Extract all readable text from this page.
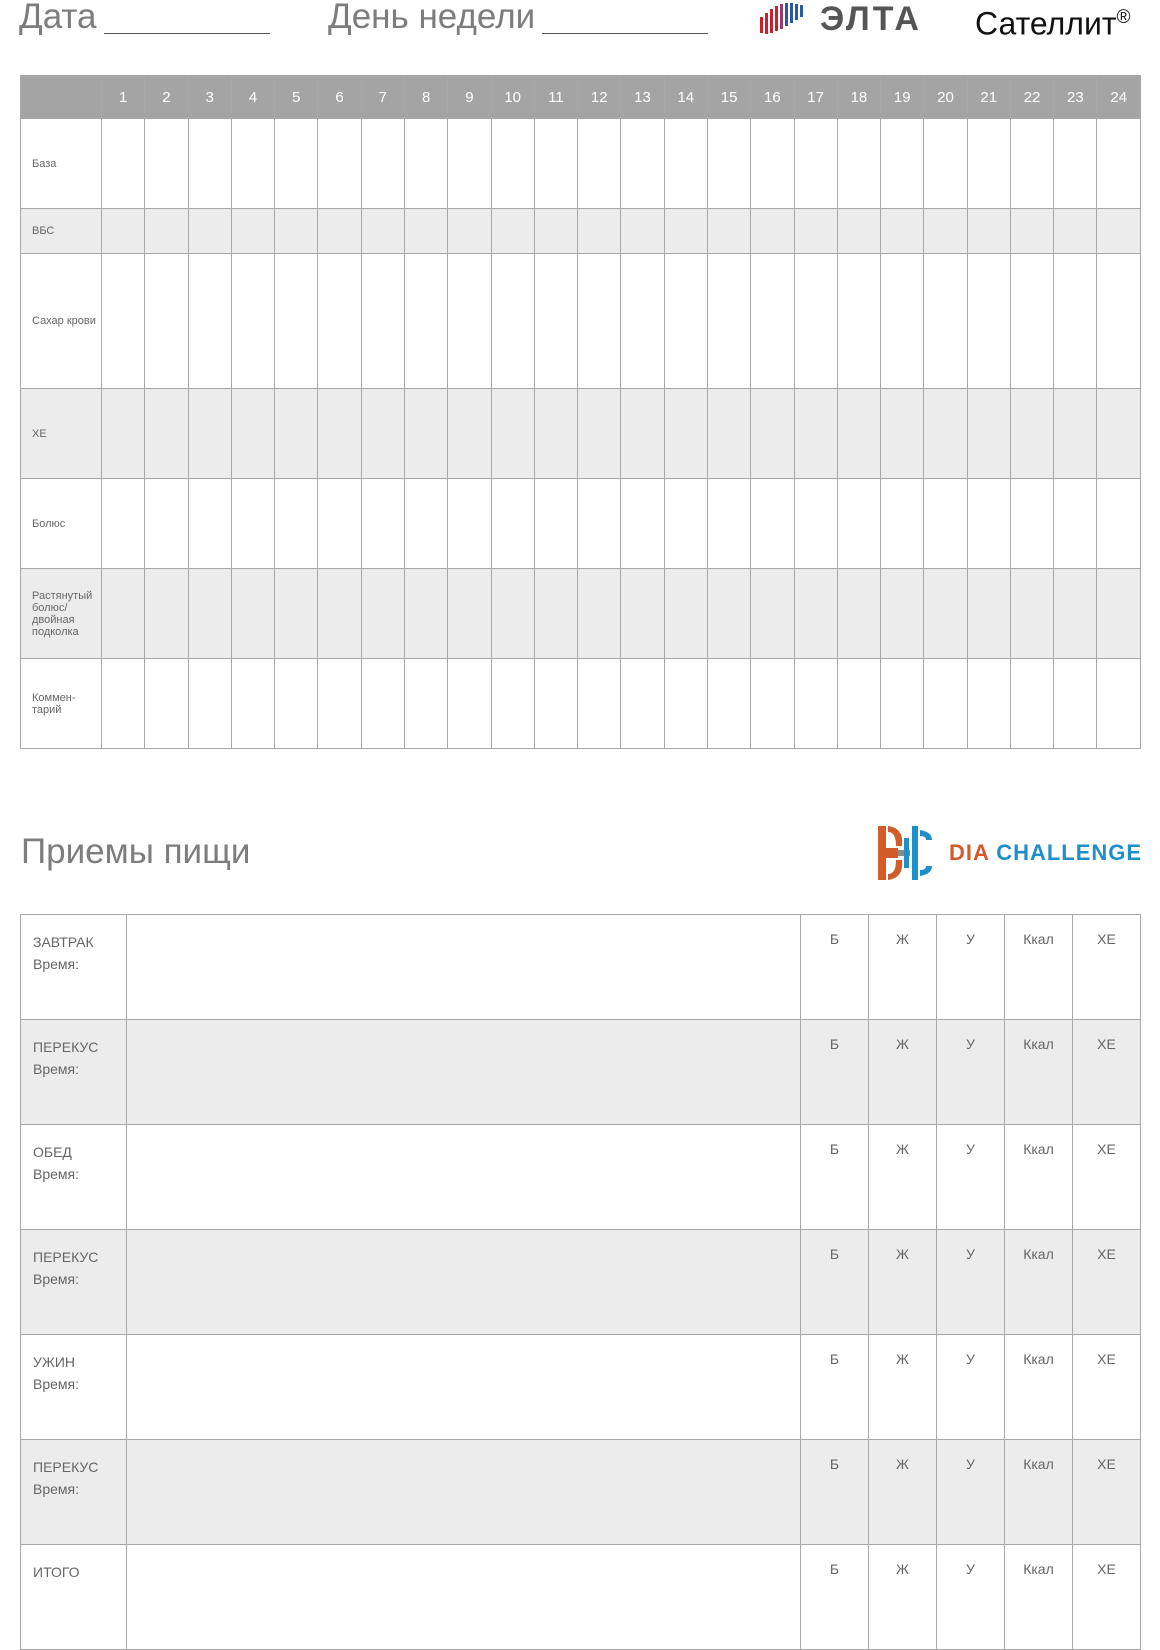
Дата	День недели	ЭЛТА Сателлит®
	1	2	3	4	5	6	7	8	9	10	11	12	13	14	15	16	17	18	19	20	21	22	23	24
База																								
ВБС																								
Сахар крови																								
ХЕ																								
Болюс																								
Растянутый болюс/ двойная подколка																								
Коммен-тарий																								
Приемы пищи	DIA CHALLENGE
ЗАВТРАК
Время:		Б	Ж	У	Ккал	ХЕ

ПЕРЕКУС
Время:		Б	Ж	У	Ккал	ХЕ

ОБЕД
Время:		Б	Ж	У	Ккал	ХЕ

ПЕРЕКУС
Время:		Б	Ж	У	Ккал	ХЕ

УЖИН
Время:		Б	Ж	У	Ккал	ХЕ

ПЕРЕКУС
Время:		Б	Ж	У	Ккал	ХЕ

ИТОГО		Б	Ж	У	Ккал	ХЕ
